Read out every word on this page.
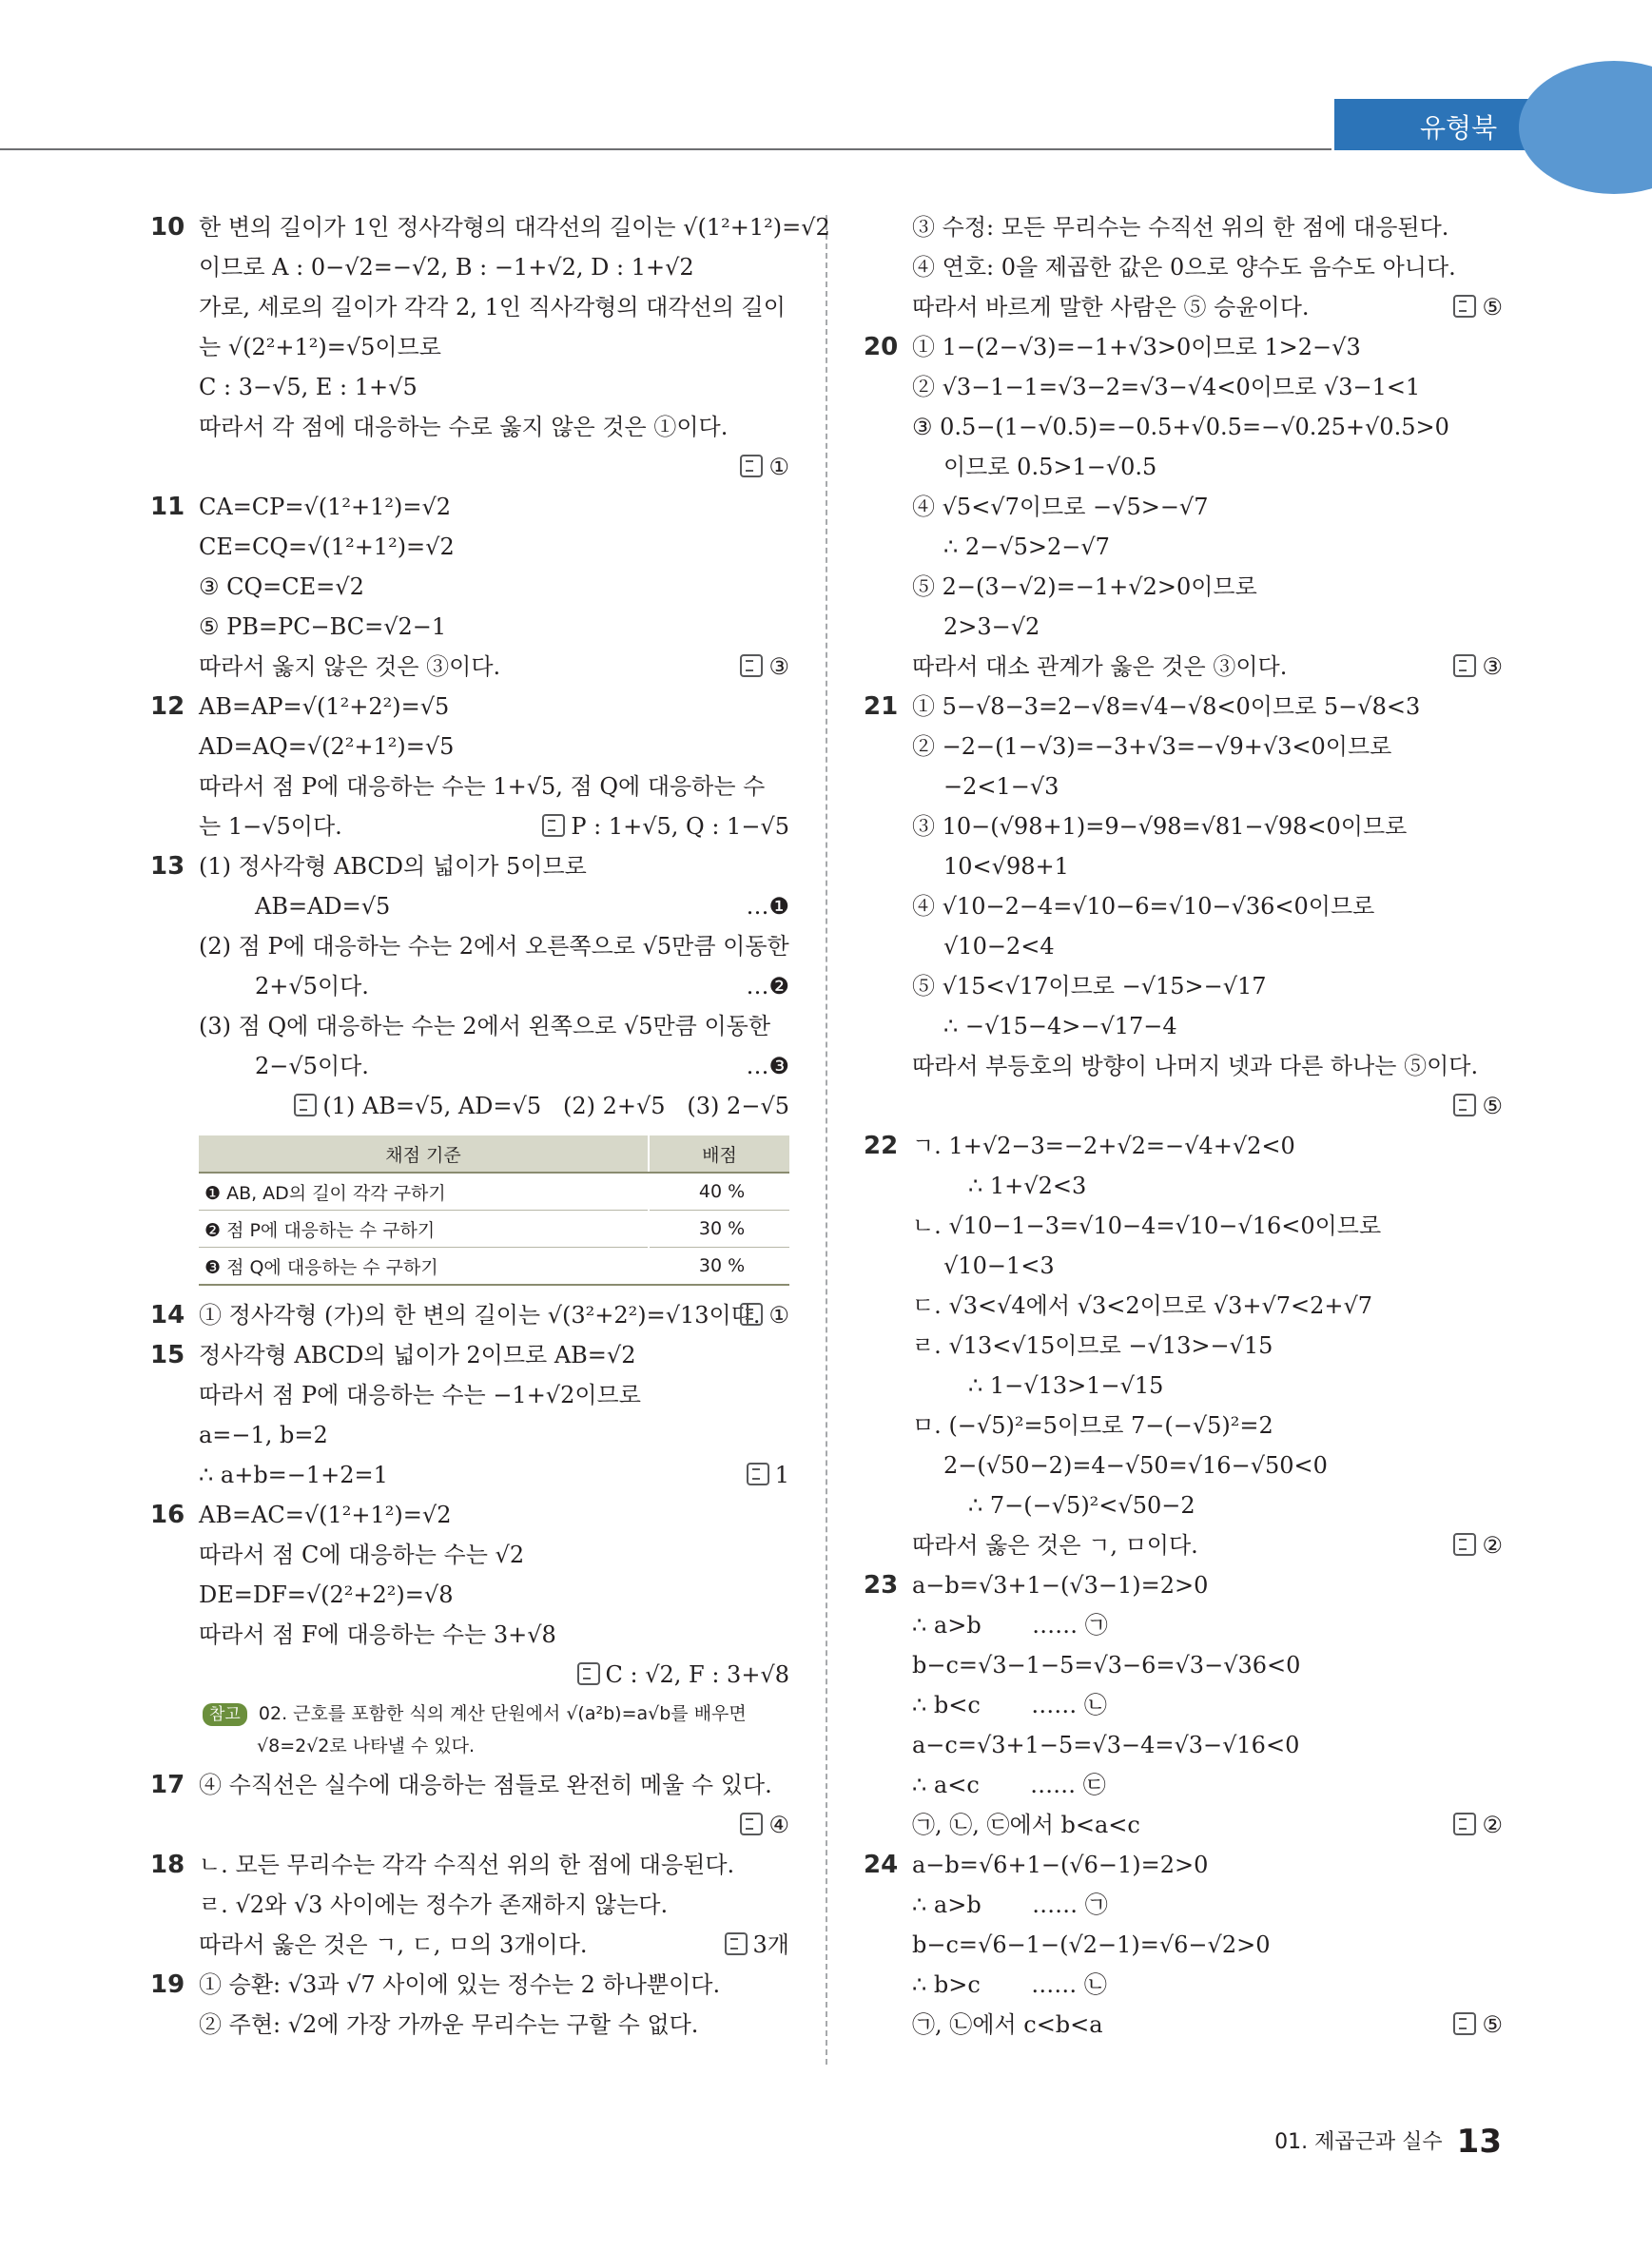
유형북
10 한 변의 길이가 1인 정사각형의 대각선의 길이는 √(1²+1²)=√2
이므로 A : 0−√2=−√2, B : −1+√2, D : 1+√2
가로, 세로의 길이가 각각 2, 1인 직사각형의 대각선의 길이
는 √(2²+1²)=√5이므로
C : 3−√5, E : 1+√5
따라서 각 점에 대응하는 수로 옳지 않은 것은 ①이다.
①
11 CA=CP=√(1²+1²)=√2
CE=CQ=√(1²+1²)=√2
③ CQ=CE=√2
⑤ PB=PC−BC=√2−1
따라서 옳지 않은 것은 ③이다.	③
12 AB=AP=√(1²+2²)=√5
AD=AQ=√(2²+1²)=√5
따라서 점 P에 대응하는 수는 1+√5, 점 Q에 대응하는 수
는 1−√5이다.	P : 1+√5, Q : 1−√5
13 (1) 정사각형 ABCD의 넓이가 5이므로
AB=AD=√5	…❶
(2) 점 P에 대응하는 수는 2에서 오른쪽으로 √5만큼 이동한
2+√5이다.	…❷
(3) 점 Q에 대응하는 수는 2에서 왼쪽으로 √5만큼 이동한
2−√5이다.	…❸
(1) AB=√5, AD=√5   (2) 2+√5   (3) 2−√5
채점 기준	배점
❶ AB, AD의 길이 각각 구하기	40 %
❷ 점 P에 대응하는 수 구하기	30 %
❸ 점 Q에 대응하는 수 구하기	30 %
14 ① 정사각형 (가)의 한 변의 길이는 √(3²+2²)=√13이다. ①
15 정사각형 ABCD의 넓이가 2이므로 AB=√2
따라서 점 P에 대응하는 수는 −1+√2이므로
a=−1, b=2
∴ a+b=−1+2=1	1
16 AB=AC=√(1²+1²)=√2
따라서 점 C에 대응하는 수는 √2
DE=DF=√(2²+2²)=√8
따라서 점 F에 대응하는 수는 3+√8
C : √2, F : 3+√8
참고 02. 근호를 포함한 식의 계산 단원에서 √(a²b)=a√b를 배우면
√8=2√2로 나타낼 수 있다.
17 ④ 수직선은 실수에 대응하는 점들로 완전히 메울 수 있다.
④
18 ㄴ. 모든 무리수는 각각 수직선 위의 한 점에 대응된다.
ㄹ. √2와 √3 사이에는 정수가 존재하지 않는다.
따라서 옳은 것은 ㄱ, ㄷ, ㅁ의 3개이다.	3개
19 ① 승환: √3과 √7 사이에 있는 정수는 2 하나뿐이다.
② 주현: √2에 가장 가까운 무리수는 구할 수 없다.
③ 수정: 모든 무리수는 수직선 위의 한 점에 대응된다.
④ 연호: 0을 제곱한 값은 0으로 양수도 음수도 아니다.
따라서 바르게 말한 사람은 ⑤ 승윤이다.	⑤
20 ① 1−(2−√3)=−1+√3>0이므로 1>2−√3
② √3−1−1=√3−2=√3−√4<0이므로 √3−1<1
③ 0.5−(1−√0.5)=−0.5+√0.5=−√0.25+√0.5>0
이므로 0.5>1−√0.5
④ √5<√7이므로 −√5>−√7
∴ 2−√5>2−√7
⑤ 2−(3−√2)=−1+√2>0이므로
2>3−√2
따라서 대소 관계가 옳은 것은 ③이다.	③
21 ① 5−√8−3=2−√8=√4−√8<0이므로 5−√8<3
② −2−(1−√3)=−3+√3=−√9+√3<0이므로
−2<1−√3
③ 10−(√98+1)=9−√98=√81−√98<0이므로
10<√98+1
④ √10−2−4=√10−6=√10−√36<0이므로
√10−2<4
⑤ √15<√17이므로 −√15>−√17
∴ −√15−4>−√17−4
따라서 부등호의 방향이 나머지 넷과 다른 하나는 ⑤이다.
⑤
22 ㄱ. 1+√2−3=−2+√2=−√4+√2<0
∴ 1+√2<3
ㄴ. √10−1−3=√10−4=√10−√16<0이므로
√10−1<3
ㄷ. √3<√4에서 √3<2이므로 √3+√7<2+√7
ㄹ. √13<√15이므로 −√13>−√15
∴ 1−√13>1−√15
ㅁ. (−√5)²=5이므로 7−(−√5)²=2
2−(√50−2)=4−√50=√16−√50<0
∴ 7−(−√5)²<√50−2
따라서 옳은 것은 ㄱ, ㅁ이다.	②
23 a−b=√3+1−(√3−1)=2>0
∴ a>b       …… ㉠
b−c=√3−1−5=√3−6=√3−√36<0
∴ b<c       …… ㉡
a−c=√3+1−5=√3−4=√3−√16<0
∴ a<c       …… ㉢
㉠, ㉡, ㉢에서 b<a<c	②
24 a−b=√6+1−(√6−1)=2>0
∴ a>b       …… ㉠
b−c=√6−1−(√2−1)=√6−√2>0
∴ b>c       …… ㉡
㉠, ㉡에서 c<b<a	⑤
01. 제곱근과 실수 13
